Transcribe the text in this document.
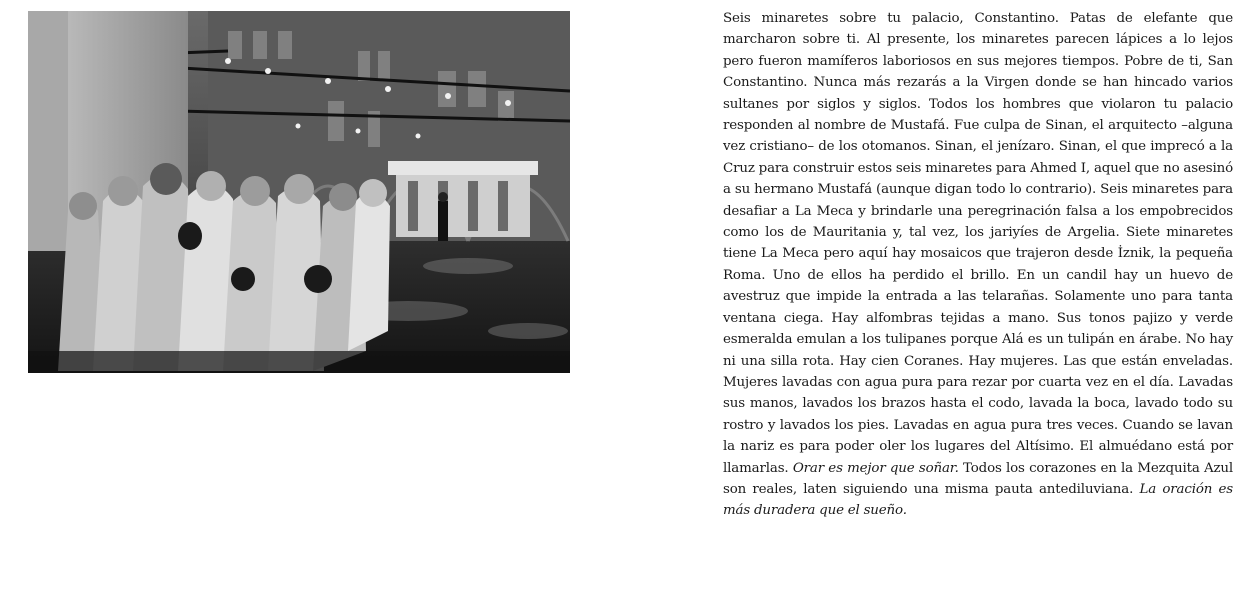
Seis minaretes sobre tu palacio, Constantino. Patas de elefante que marcharon sobre ti. Al presente, los minaretes parecen lápices a lo lejos pero fueron mamíferos laboriosos en sus mejores tiempos. Pobre de ti, San Constantino. Nunca más rezarás a la Virgen donde se han hincado varios sultanes por siglos y siglos. Todos los hombres que violaron tu palacio responden al nombre de Mustafá. Fue culpa de Sinan, el arquitecto –alguna vez cristiano– de los otomanos. Sinan, el jenízaro. Sinan, el que imprecó a la Cruz para construir estos seis minaretes para Ahmed I, aquel que no asesinó a su hermano Mustafá (aunque digan todo lo contrario). Seis minaretes para desafiar a La Meca y brindarle una peregrinación falsa a los empobrecidos como los de Mauritania y, tal vez, los jariyíes de Argelia. Siete minaretes tiene La Meca pero aquí hay mosaicos que trajeron desde İznik, la pequeña Roma. Uno de ellos ha perdido el brillo. En un candil hay un huevo de avestruz que impide la entrada a las telarañas. Solamente uno para tanta ventana ciega. Hay alfombras tejidas a mano. Sus tonos pajizo y verde esmeralda emulan a los tulipanes porque Alá es un tulipán en árabe. No hay ni una silla rota. Hay cien Coranes. Hay mujeres. Las que están enveladas. Mujeres lavadas con agua pura para rezar por cuarta vez en el día. Lavadas sus manos, lavados los brazos hasta el codo, lavada la boca, lavado todo su rostro y lavados los pies. Lavadas en agua pura tres veces. Cuando se lavan la nariz es para poder oler los lugares del Altísimo. El almuédano está por llamarlas. Orar es mejor que soñar. Todos los corazones en la Mezquita Azul son reales, laten siguiendo una misma pauta antediluviana. La oración es más duradera que el sueño.
